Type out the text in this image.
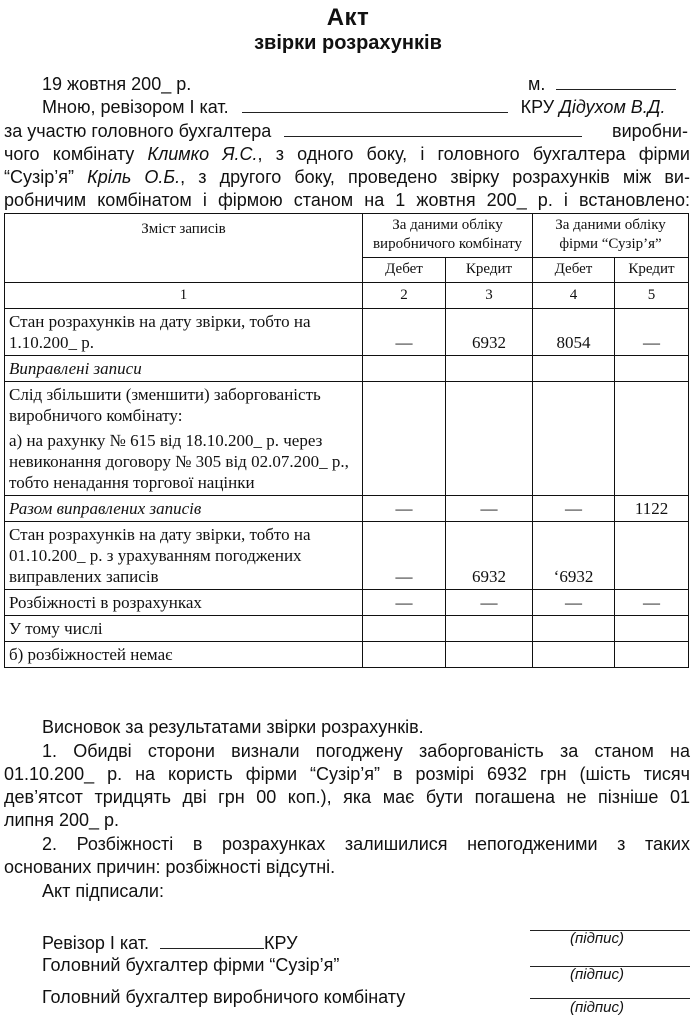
Акт
звірки розрахунків
19 жовтня 200_ р.	м.
Мною, ревізором І кат.	КРУ Дідухом В.Д.
за участю головного бухгалтера	виробни-
чого комбінату Климко Я.С., з одного боку, і головного бухгалтера фірми
“Сузір’я” Кріль О.Б., з другого боку, проведено звірку розрахунків між ви-
робничим комбінатом і фірмою станом на 1 жовтня 200_ р. і встановлено:
Зміст записів	За даними обліку виробничого комбінату		За даними обліку фірми “Сузір’я”	
	Дебет	Кредит	Дебет	Кредит
1	2	3	4	5
Стан розрахунків на дату звірки, тобто на 1.10.200_ р.	—	6932	8054	—
Виправлені записи				
Слід збільшити (зменшити) заборгованість виробничого комбінату:				
а) на рахунку № 615 від 18.10.200_ р. через невиконання договору № 305 від 02.07.200_ р., тобто ненадання торгової націнки				
Разом виправлених записів	—	—	—	1122
Стан розрахунків на дату звірки, тобто на 01.10.200_ р. з урахуванням погоджених виправлених записів	—	6932	‘6932	
Розбіжності в розрахунках	—	—	—	—
У тому числі				
б) розбіжностей немає				
Висновок за результатами звірки розрахунків.
1. Обидві сторони визнали погоджену заборгованість за станом на
01.10.200_ р. на користь фірми “Сузір’я” в розмірі 6932 грн (шість тисяч
дев’ятсот тридцять дві грн 00 коп.), яка має бути погашена не пізніше 01
липня 200_ р.
2. Розбіжності в розрахунках залишилися непогодженими з таких
основаних причин: розбіжності відсутні.
Акт підписали:
Ревізор І кат.	КРУ	(підпис)
Головний бухгалтер фірми “Сузір’я”	(підпис)
Головний бухгалтер виробничого комбінату
(підпис)
